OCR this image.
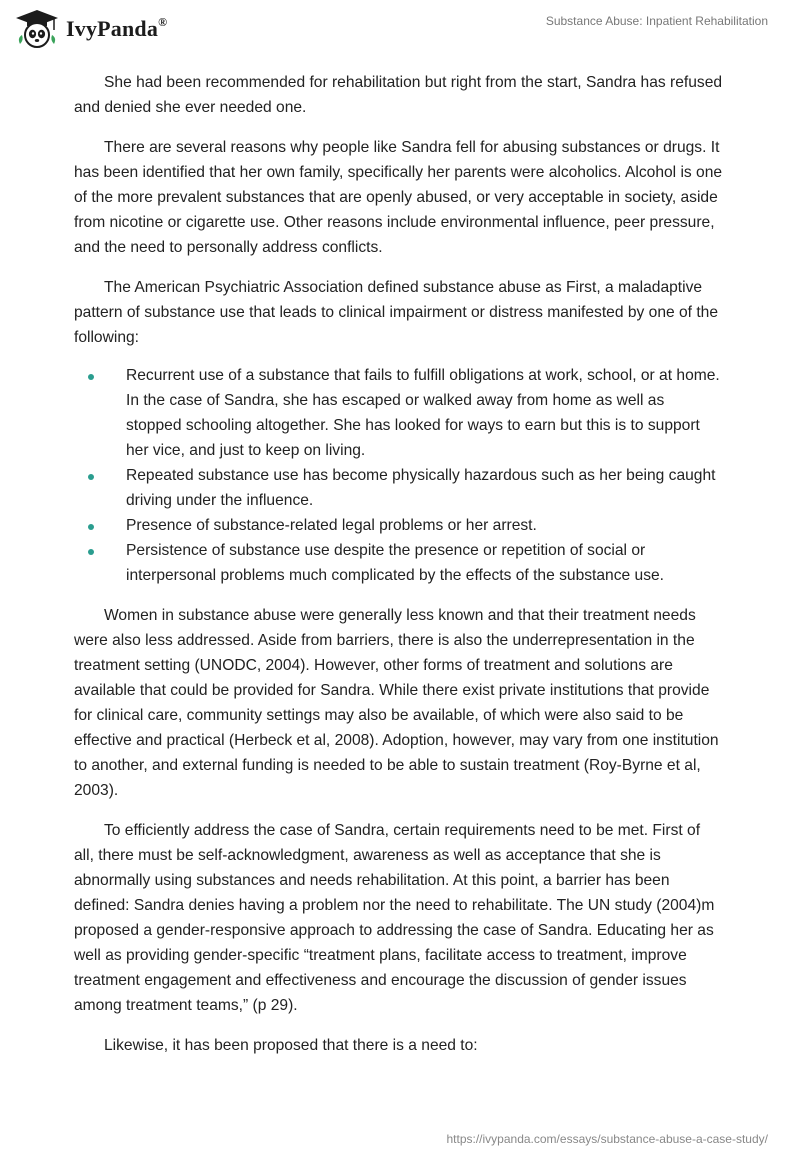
IvyPanda®	Substance Abuse: Inpatient Rehabilitation

She had been recommended for rehabilitation but right from the start, Sandra has refused and denied she ever needed one.

There are several reasons why people like Sandra fell for abusing substances or drugs. It has been identified that her own family, specifically her parents were alcoholics. Alcohol is one of the more prevalent substances that are openly abused, or very acceptable in society, aside from nicotine or cigarette use. Other reasons include environmental influence, peer pressure, and the need to personally address conflicts.

The American Psychiatric Association defined substance abuse as First, a maladaptive pattern of substance use that leads to clinical impairment or distress manifested by one of the following:

Recurrent use of a substance that fails to fulfill obligations at work, school, or at home. In the case of Sandra, she has escaped or walked away from home as well as stopped schooling altogether. She has looked for ways to earn but this is to support her vice, and just to keep on living.
Repeated substance use has become physically hazardous such as her being caught driving under the influence.
Presence of substance-related legal problems or her arrest.
Persistence of substance use despite the presence or repetition of social or interpersonal problems much complicated by the effects of the substance use.

Women in substance abuse were generally less known and that their treatment needs were also less addressed. Aside from barriers, there is also the underrepresentation in the treatment setting (UNODC, 2004). However, other forms of treatment and solutions are available that could be provided for Sandra. While there exist private institutions that provide for clinical care, community settings may also be available, of which were also said to be effective and practical (Herbeck et al, 2008). Adoption, however, may vary from one institution to another, and external funding is needed to be able to sustain treatment (Roy-Byrne et al, 2003).

To efficiently address the case of Sandra, certain requirements need to be met. First of all, there must be self-acknowledgment, awareness as well as acceptance that she is abnormally using substances and needs rehabilitation. At this point, a barrier has been defined: Sandra denies having a problem nor the need to rehabilitate. The UN study (2004)m proposed a gender-responsive approach to addressing the case of Sandra. Educating her as well as providing gender-specific “treatment plans, facilitate access to treatment, improve treatment engagement and effectiveness and encourage the discussion of gender issues among treatment teams,” (p 29).

Likewise, it has been proposed that there is a need to:

https://ivypanda.com/essays/substance-abuse-a-case-study/
